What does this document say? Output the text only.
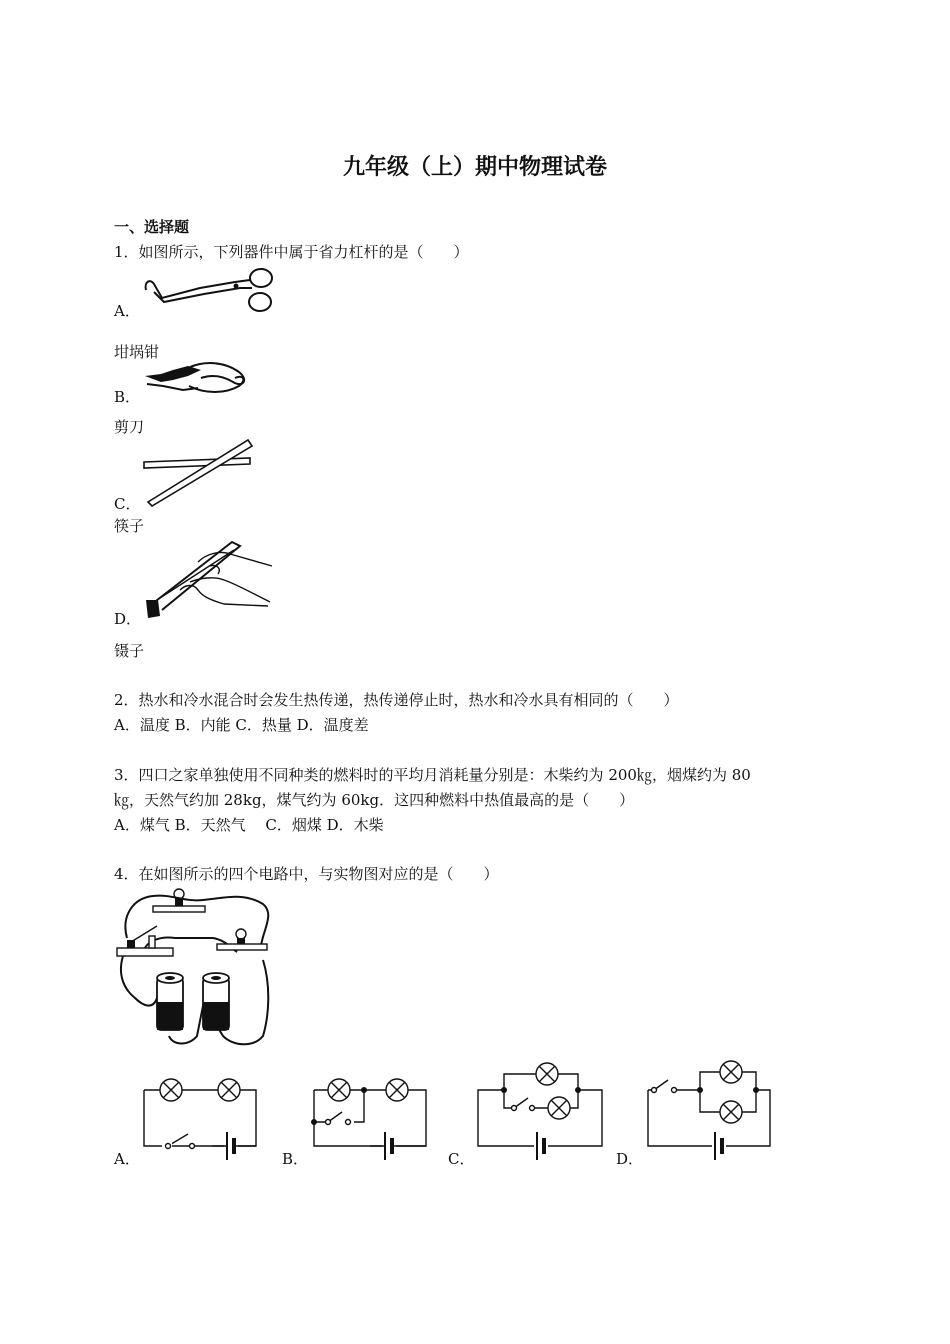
九年级（上）期中物理试卷
一、选择题
1．如图所示，下列器件中属于省力杠杆的是（　　）
A．
坩埚钳
B．
剪刀
C．
筷子
D．
镊子
2．热水和冷水混合时会发生热传递，热传递停止时，热水和冷水具有相同的（　　）
A．温度 B．内能 C．热量 D．温度差
3．四口之家单独使用不同种类的燃料时的平均月消耗量分别是：木柴约为 200㎏，烟煤约为 80
㎏，天然气约加 28kg，煤气约为 60kg．这四种燃料中热值最高的是（　　）
A．煤气 B．天然气　 C．烟煤 D．木柴
4．在如图所示的四个电路中，与实物图对应的是（　　）
A．	B．	C．	D．
